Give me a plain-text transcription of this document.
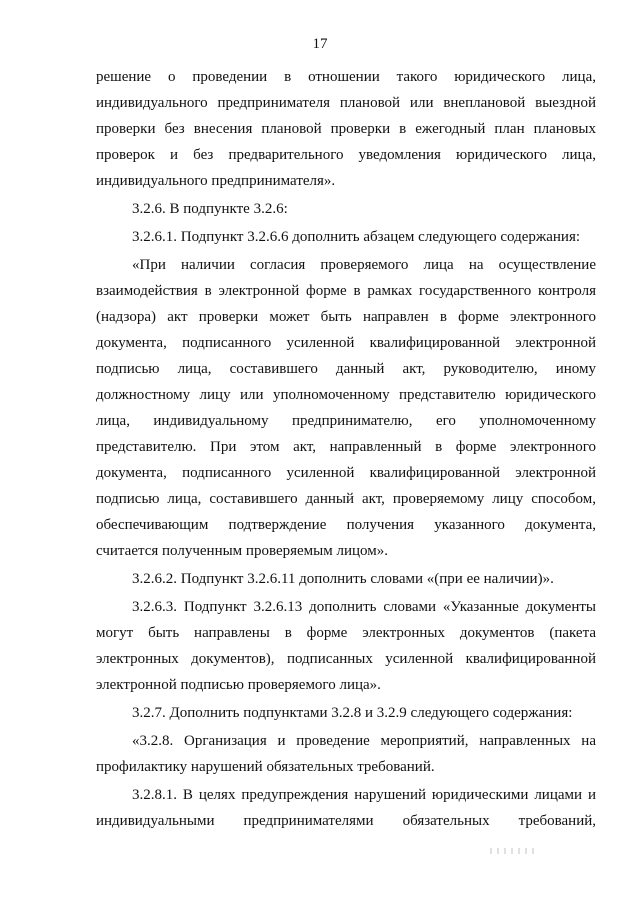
17

решение о проведении в отношении такого юридического лица, индивидуального предпринимателя плановой или внеплановой выездной проверки без внесения плановой проверки в ежегодный план плановых проверок и без предварительного уведомления юридического лица, индивидуального предпринимателя».

3.2.6. В подпункте 3.2.6:

3.2.6.1. Подпункт 3.2.6.6 дополнить абзацем следующего содержания:

«При наличии согласия проверяемого лица на осуществление взаимодействия в электронной форме в рамках государственного контроля (надзора) акт проверки может быть направлен в форме электронного документа, подписанного усиленной квалифицированной электронной подписью лица, составившего данный акт, руководителю, иному должностному лицу или уполномоченному представителю юридического лица, индивидуальному предпринимателю, его уполномоченному представителю. При этом акт, направленный в форме электронного документа, подписанного усиленной квалифицированной электронной подписью лица, составившего данный акт, проверяемому лицу способом, обеспечивающим подтверждение получения указанного документа, считается полученным проверяемым лицом».

3.2.6.2. Подпункт 3.2.6.11 дополнить словами «(при ее наличии)».

3.2.6.3. Подпункт 3.2.6.13 дополнить словами «Указанные документы могут быть направлены в форме электронных документов (пакета электронных документов), подписанных усиленной квалифицированной электронной подписью проверяемого лица».

3.2.7. Дополнить подпунктами 3.2.8 и 3.2.9 следующего содержания:

«3.2.8. Организация и проведение мероприятий, направленных на профилактику нарушений обязательных требований.

3.2.8.1. В целях предупреждения нарушений юридическими лицами и индивидуальными предпринимателями обязательных требований,
